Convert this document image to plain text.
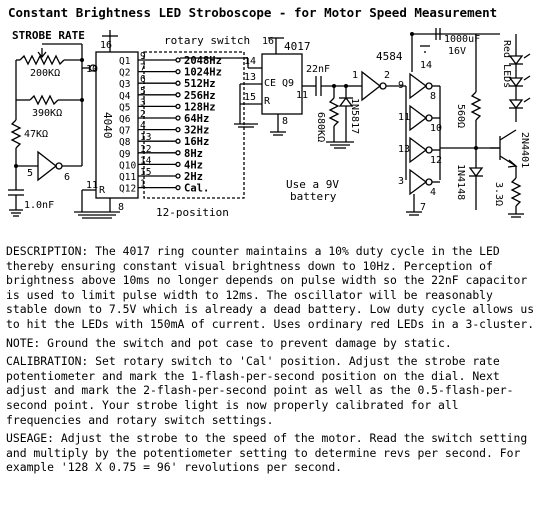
Constant Brightness LED Stroboscope - for Motor Speed Measurement
STROBE RATE
200KΩ
390KΩ
47KΩ
5	6
1.0nF
4040
16
10
R
11
8
Q1 9	2048Hz
Q2 7	1024Hz
Q3 6	512Hz
Q4 5	256Hz
Q5 3	128Hz
Q6 2	64Hz
Q7 4	32Hz
Q8 13	16Hz
Q9 12	8Hz
Q10 14	4Hz
Q11 15	2Hz
Q12 1	Cal.
rotary switch
12-position
4017
16
14
13
CE
15 R
Q9
11
8
22nF
680KΩ 1N5817
Use a 9V
battery
4584
1	2
9
8
11
10
13
12
3
4
14
7
1000uF
16V
560Ω
1N4148
Red LEDs
2N4401
3.3Ω

DESCRIPTION: The 4017 ring counter maintains a 10% duty cycle in the LED thereby ensuring constant visual brightness down to 10Hz. Perception of brightness above 10ms no longer depends on pulse width so the 22nF capacitor is used to limit pulse width to 12ms. The oscillator will be reasonably stable down to 7.5V which is already a dead battery. Low duty cycle allows us to hit the LEDs with 150mA of current. Uses ordinary red LEDs in a 3-cluster.

NOTE: Ground the switch and pot case to prevent damage by static.

CALIBRATION: Set rotary switch to 'Cal' position. Adjust the strobe rate potentiometer and mark the 1-flash-per-second position on the dial. Next adjust and mark the 2-flash-per-second point as well as the 0.5-flash-per-second point. Your strobe light is now properly calibrated for all frequencies and rotary switch settings.

USEAGE: Adjust the strobe to the speed of the motor. Read the switch setting and multiply by the potentiometer setting to determine revs per second. For example '128 X 0.75 = 96' revolutions per second.
